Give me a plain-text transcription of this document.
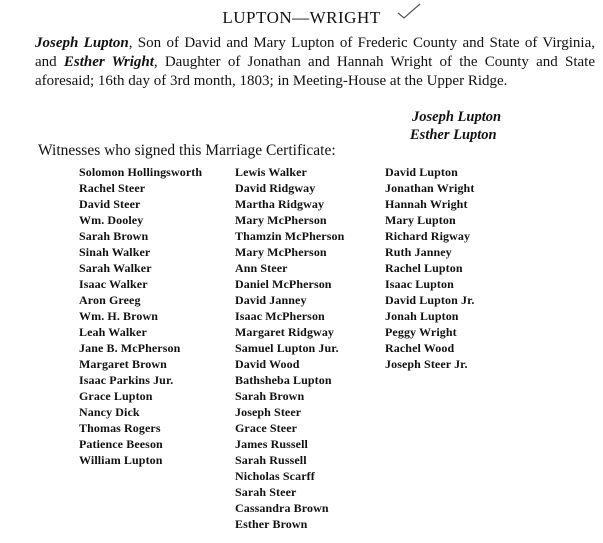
LUPTON—WRIGHT

Joseph Lupton, Son of David and Mary Lupton of Frederic County and State of Virginia, and Esther Wright, Daughter of Jonathan and Hannah Wright of the County and State aforesaid; 16th day of 3rd month, 1803; in Meeting-House at the Upper Ridge.

Joseph Lupton
Esther Lupton
Witnesses who signed this Marriage Certificate:
Solomon Hollingsworth
Rachel Steer
David Steer
Wm. Dooley
Sarah Brown
Sinah Walker
Sarah Walker
Isaac Walker
Aron Greeg
Wm. H. Brown
Leah Walker
Jane B. McPherson
Margaret Brown
Isaac Parkins Jur.
Grace Lupton
Nancy Dick
Thomas Rogers
Patience Beeson
William Lupton
Lewis Walker
David Ridgway
Martha Ridgway
Mary McPherson
Thamzin McPherson
Mary McPherson
Ann Steer
Daniel McPherson
David Janney
Isaac McPherson
Margaret Ridgway
Samuel Lupton Jur.
David Wood
Bathsheba Lupton
Sarah Brown
Joseph Steer
Grace Steer
James Russell
Sarah Russell
Nicholas Scarff
Sarah Steer
Cassandra Brown
Esther Brown
David Lupton
Jonathan Wright
Hannah Wright
Mary Lupton
Richard Rigway
Ruth Janney
Rachel Lupton
Isaac Lupton
David Lupton Jr.
Jonah Lupton
Peggy Wright
Rachel Wood
Joseph Steer Jr.
